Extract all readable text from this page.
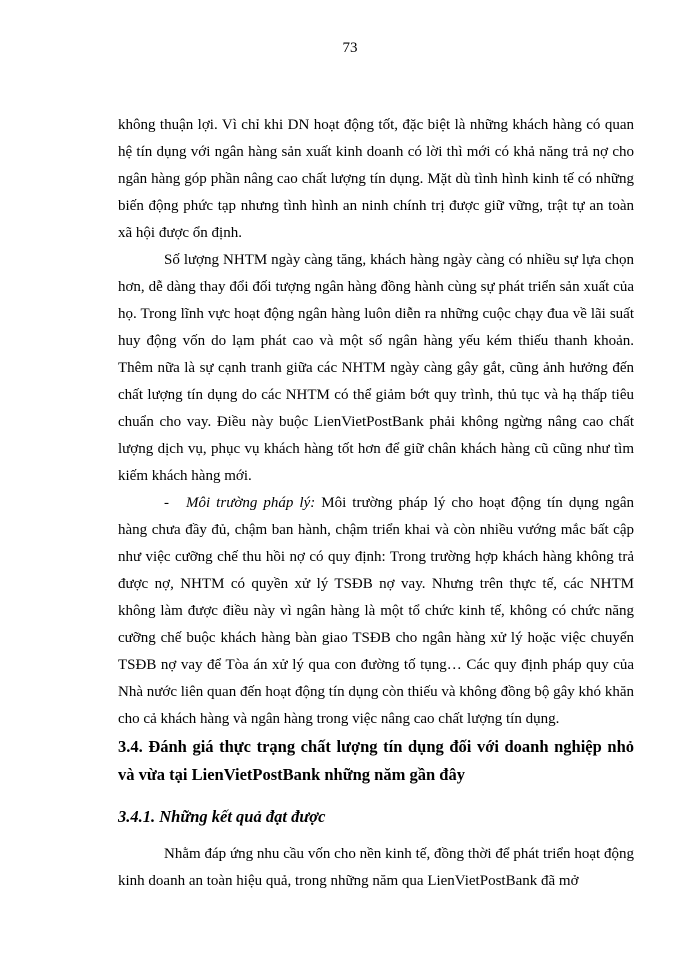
73

không thuận lợi. Vì chỉ khi DN hoạt động tốt, đặc biệt là những khách hàng có quan hệ tín dụng với ngân hàng sản xuất kinh doanh có lời thì mới có khả năng trả nợ cho ngân hàng góp phần nâng cao chất lượng tín dụng. Mặt dù tình hình kinh tế có những biến động phức tạp nhưng tình hình an ninh chính trị được giữ vững, trật tự an toàn xã hội được ổn định.

Số lượng NHTM ngày càng tăng, khách hàng ngày càng có nhiều sự lựa chọn hơn, dễ dàng thay đổi đối tượng ngân hàng đồng hành cùng sự phát triển sản xuất của họ. Trong lĩnh vực hoạt động ngân hàng luôn diễn ra những cuộc chạy đua về lãi suất huy động vốn do lạm phát cao và một số ngân hàng yếu kém thiếu thanh khoản. Thêm nữa là sự cạnh tranh giữa các NHTM ngày càng gây gắt, cũng ảnh hưởng đến chất lượng tín dụng do các NHTM có thể giảm bớt quy trình, thủ tục và hạ thấp tiêu chuẩn cho vay. Điều này buộc LienVietPostBank phải không ngừng nâng cao chất lượng dịch vụ, phục vụ khách hàng tốt hơn để giữ chân khách hàng cũ cũng như tìm kiếm khách hàng mới.

- Môi trường pháp lý: Môi trường pháp lý cho hoạt động tín dụng ngân hàng chưa đầy đủ, chậm ban hành, chậm triển khai và còn nhiều vướng mắc bất cập như việc cưỡng chế thu hồi nợ có quy định: Trong trường hợp khách hàng không trả được nợ, NHTM có quyền xử lý TSĐB nợ vay. Nhưng trên thực tế, các NHTM không làm được điều này vì ngân hàng là một tổ chức kinh tế, không có chức năng cưỡng chế buộc khách hàng bàn giao TSĐB cho ngân hàng xử lý hoặc việc chuyển TSĐB nợ vay để Tòa án xử lý qua con đường tố tụng… Các quy định pháp quy của Nhà nước liên quan đến hoạt động tín dụng còn thiếu và không đồng bộ gây khó khăn cho cả khách hàng và ngân hàng trong việc nâng cao chất lượng tín dụng.

3.4. Đánh giá thực trạng chất lượng tín dụng đối với doanh nghiệp nhỏ và vừa tại LienVietPostBank những năm gần đây
3.4.1. Những kết quả đạt được

Nhằm đáp ứng nhu cầu vốn cho nền kinh tế, đồng thời để phát triển hoạt động kinh doanh an toàn hiệu quả, trong những năm qua LienVietPostBank đã mở
